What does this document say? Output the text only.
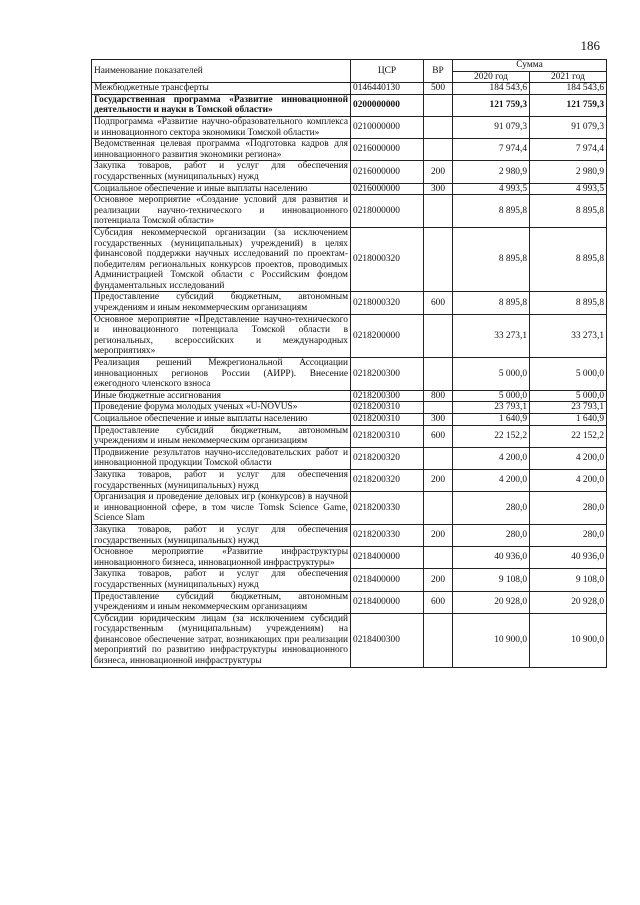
186
Наименование показателей	ЦСР	ВР	Сумма	
			2020 год	2021 год
Межбюджетные трансферты	0146440130	500	184 543,6	184 543,6
Государственная программа «Развитие инновационной деятельности и науки в Томской области»	0200000000		121 759,3	121 759,3
Подпрограмма «Развитие научно-образовательного комплекса и инновационного сектора экономики Томской области»	0210000000		91 079,3	91 079,3
Ведомственная целевая программа «Подготовка кадров для инновационного развития экономики региона»	0216000000		7 974,4	7 974,4
Закупка товаров, работ и услуг для обеспечения государственных (муниципальных) нужд	0216000000	200	2 980,9	2 980,9
Социальное обеспечение и иные выплаты населению	0216000000	300	4 993,5	4 993,5
Основное мероприятие «Создание условий для развития и реализации научно-технического и инновационного потенциала Томской области»	0218000000		8 895,8	8 895,8
Субсидия некоммерческой организации (за исключением государственных (муниципальных) учреждений) в целях финансовой поддержки научных исследований по проектам-победителям региональных конкурсов проектов, проводимых Администрацией Томской области с Российским фондом фундаментальных исследований	0218000320		8 895,8	8 895,8
Предоставление субсидий бюджетным, автономным учреждениям и иным некоммерческим организациям	0218000320	600	8 895,8	8 895,8
Основное мероприятие «Представление научно-технического и инновационного потенциала Томской области в региональных, всероссийских и международных мероприятиях»	0218200000		33 273,1	33 273,1
Реализация решений Межрегиональной Ассоциации инновационных регионов России (АИРР). Внесение ежегодного членского взноса	0218200300		5 000,0	5 000,0
Иные бюджетные ассигнования	0218200300	800	5 000,0	5 000,0
Проведение форума молодых ученых «U-NOVUS»	0218200310		23 793,1	23 793,1
Социальное обеспечение и иные выплаты населению	0218200310	300	1 640,9	1 640,9
Предоставление субсидий бюджетным, автономным учреждениям и иным некоммерческим организациям	0218200310	600	22 152,2	22 152,2
Продвижение результатов научно-исследовательских работ и инновационной продукции Томской области	0218200320		4 200,0	4 200,0
Закупка товаров, работ и услуг для обеспечения государственных (муниципальных) нужд	0218200320	200	4 200,0	4 200,0
Организация и проведение деловых игр (конкурсов) в научной и инновационной сфере, в том числе Tomsk Science Game, Science Slam	0218200330		280,0	280,0
Закупка товаров, работ и услуг для обеспечения государственных (муниципальных) нужд	0218200330	200	280,0	280,0
Основное мероприятие «Развитие инфраструктуры инновационного бизнеса, инновационной инфраструктуры»	0218400000		40 936,0	40 936,0
Закупка товаров, работ и услуг для обеспечения государственных (муниципальных) нужд	0218400000	200	9 108,0	9 108,0
Предоставление субсидий бюджетным, автономным учреждениям и иным некоммерческим организациям	0218400000	600	20 928,0	20 928,0
Субсидии юридическим лицам (за исключением субсидий государственным (муниципальным) учреждениям) на финансовое обеспечение затрат, возникающих при реализации мероприятий по развитию инфраструктуры инновационного бизнеса, инновационной инфраструктуры	0218400300		10 900,0	10 900,0
